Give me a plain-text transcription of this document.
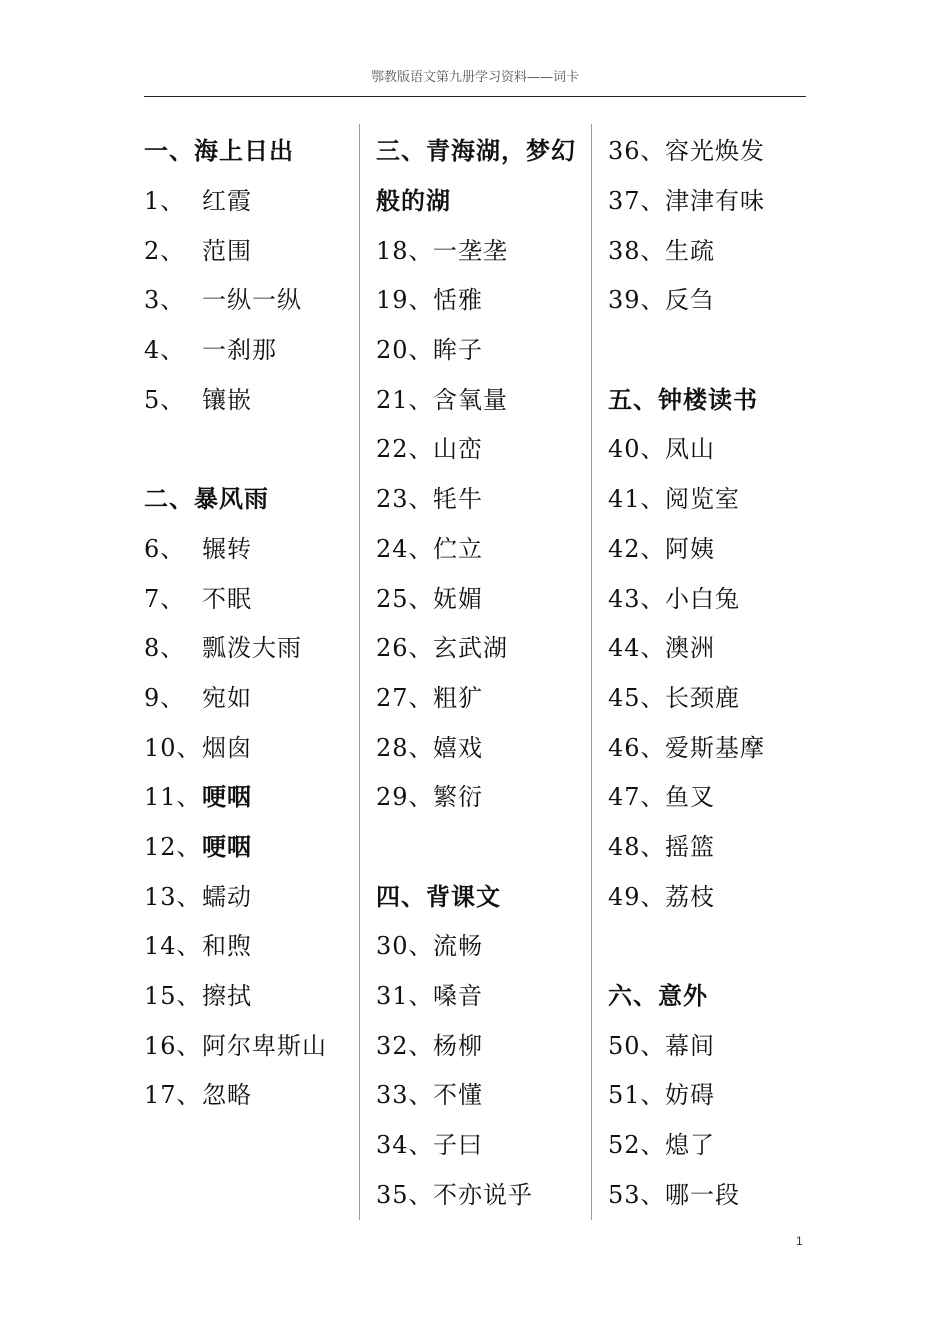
鄂教版语文第九册学习资料——词卡
一、海上日出
1、 红霞
2、 范围
3、 一纵一纵
4、 一刹那
5、 镶嵌
二、暴风雨
6、 辗转
7、 不眠
8、 瓢泼大雨
9、 宛如
10、 烟囱
11、 哽咽
12、 哽咽
13、 蠕动
14、 和煦
15、 擦拭
16、 阿尔卑斯山
17、 忽略
三、青海湖，梦幻
般的湖
18、 一垄垄
19、 恬雅
20、 眸子
21、 含氧量
22、 山峦
23、 牦牛
24、 伫立
25、 妩媚
26、 玄武湖
27、 粗犷
28、 嬉戏
29、 繁衍
四、背课文
30、 流畅
31、 嗓音
32、 杨柳
33、 不懂
34、 子曰
35、 不亦说乎
36、 容光焕发
37、 津津有味
38、 生疏
39、 反刍
五、钟楼读书
40、 凤山
41、 阅览室
42、 阿姨
43、 小白兔
44、 澳洲
45、 长颈鹿
46、 爱斯基摩
47、 鱼叉
48、 摇篮
49、 荔枝
六、意外
50、 幕间
51、 妨碍
52、 熄了
53、 哪一段
1
